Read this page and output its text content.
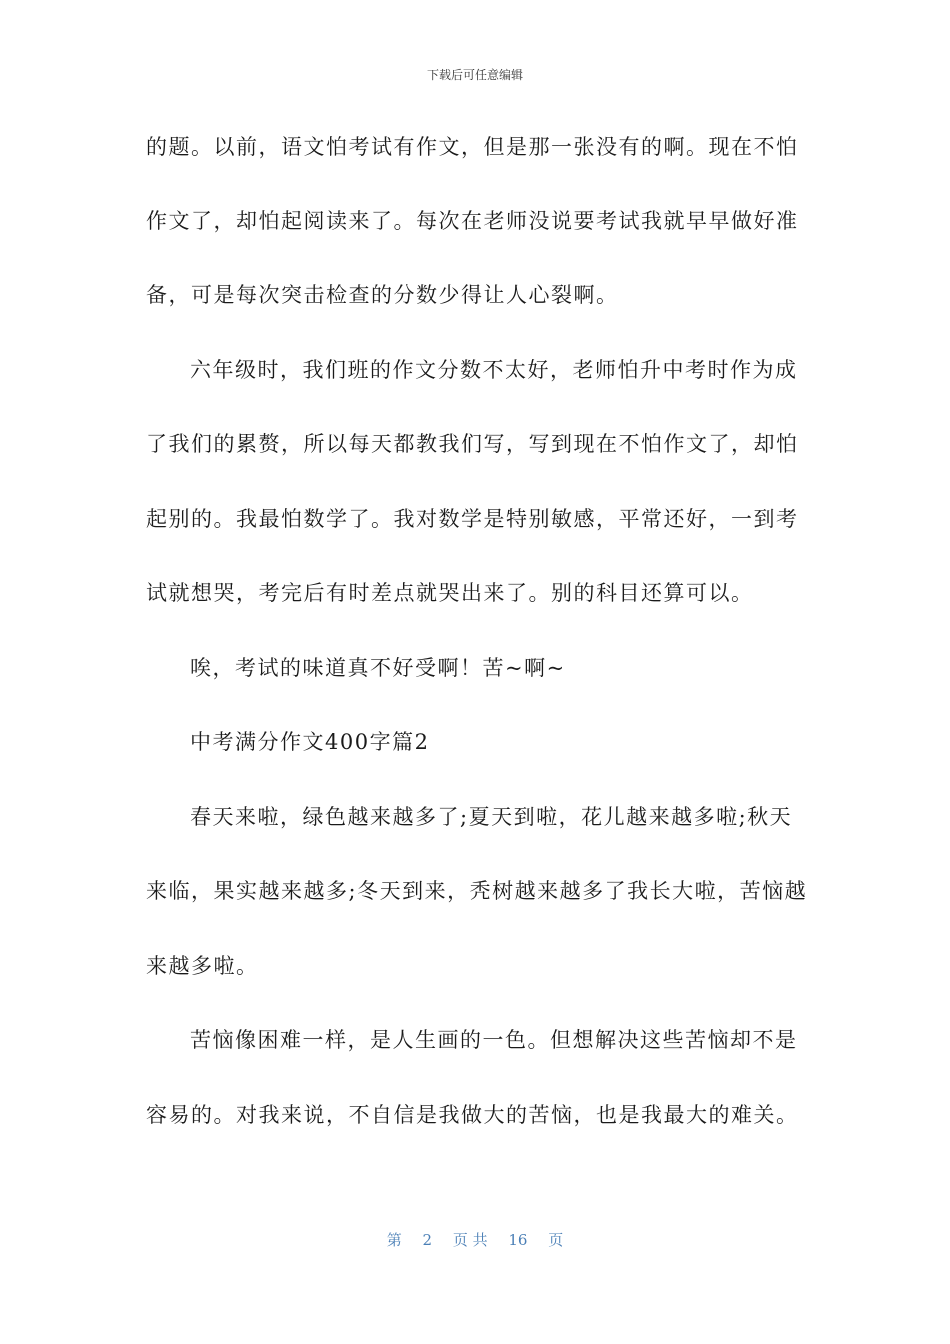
下载后可任意编辑
的题。以前，语文怕考试有作文，但是那一张没有的啊。现在不怕
作文了，却怕起阅读来了。每次在老师没说要考试我就早早做好准
备，可是每次突击检查的分数少得让人心裂啊。
六年级时，我们班的作文分数不太好，老师怕升中考时作为成
了我们的累赘，所以每天都教我们写，写到现在不怕作文了，却怕
起别的。我最怕数学了。我对数学是特别敏感，平常还好，一到考
试就想哭，考完后有时差点就哭出来了。别的科目还算可以。
唉，考试的味道真不好受啊！苦~啊~
中考满分作文400字篇2
春天来啦，绿色越来越多了;夏天到啦，花儿越来越多啦;秋天
来临，果实越来越多;冬天到来，秃树越来越多了我长大啦，苦恼越
来越多啦。
苦恼像困难一样，是人生画的一色。但想解决这些苦恼却不是
容易的。对我来说，不自信是我做大的苦恼，也是我最大的难关。
第 2 页 共 16 页
